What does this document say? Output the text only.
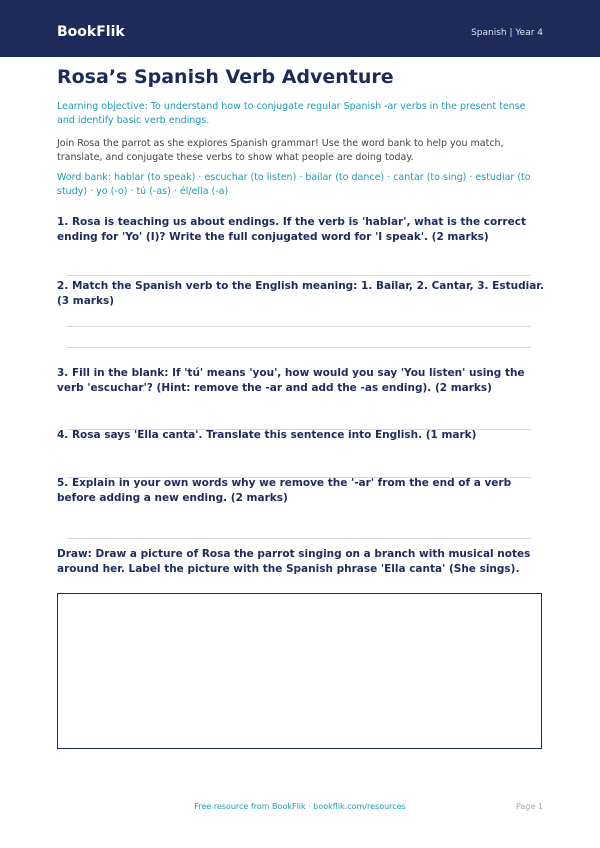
BookFlik	Spanish | Year 4
Rosa’s Spanish Verb Adventure
Learning objective: To understand how to conjugate regular Spanish -ar verbs in the present tense and identify basic verb endings.
Join Rosa the parrot as she explores Spanish grammar! Use the word bank to help you match, translate, and conjugate these verbs to show what people are doing today.
Word bank: hablar (to speak) · escuchar (to listen) · bailar (to dance) · cantar (to sing) · estudiar (to study) · yo (-o) · tú (-as) · él/ella (-a)
1. Rosa is teaching us about endings. If the verb is 'hablar', what is the correct ending for 'Yo' (I)? Write the full conjugated word for 'I speak'. (2 marks)
2. Match the Spanish verb to the English meaning: 1. Bailar, 2. Cantar, 3. Estudiar. (3 marks)
3. Fill in the blank: If 'tú' means 'you', how would you say 'You listen' using the verb 'escuchar'? (Hint: remove the -ar and add the -as ending). (2 marks)
4. Rosa says 'Ella canta'. Translate this sentence into English. (1 mark)
5. Explain in your own words why we remove the '-ar' from the end of a verb before adding a new ending. (2 marks)
Draw: Draw a picture of Rosa the parrot singing on a branch with musical notes around her. Label the picture with the Spanish phrase 'Ella canta' (She sings).
Free resource from BookFlik · bookflik.com/resources	Page 1
